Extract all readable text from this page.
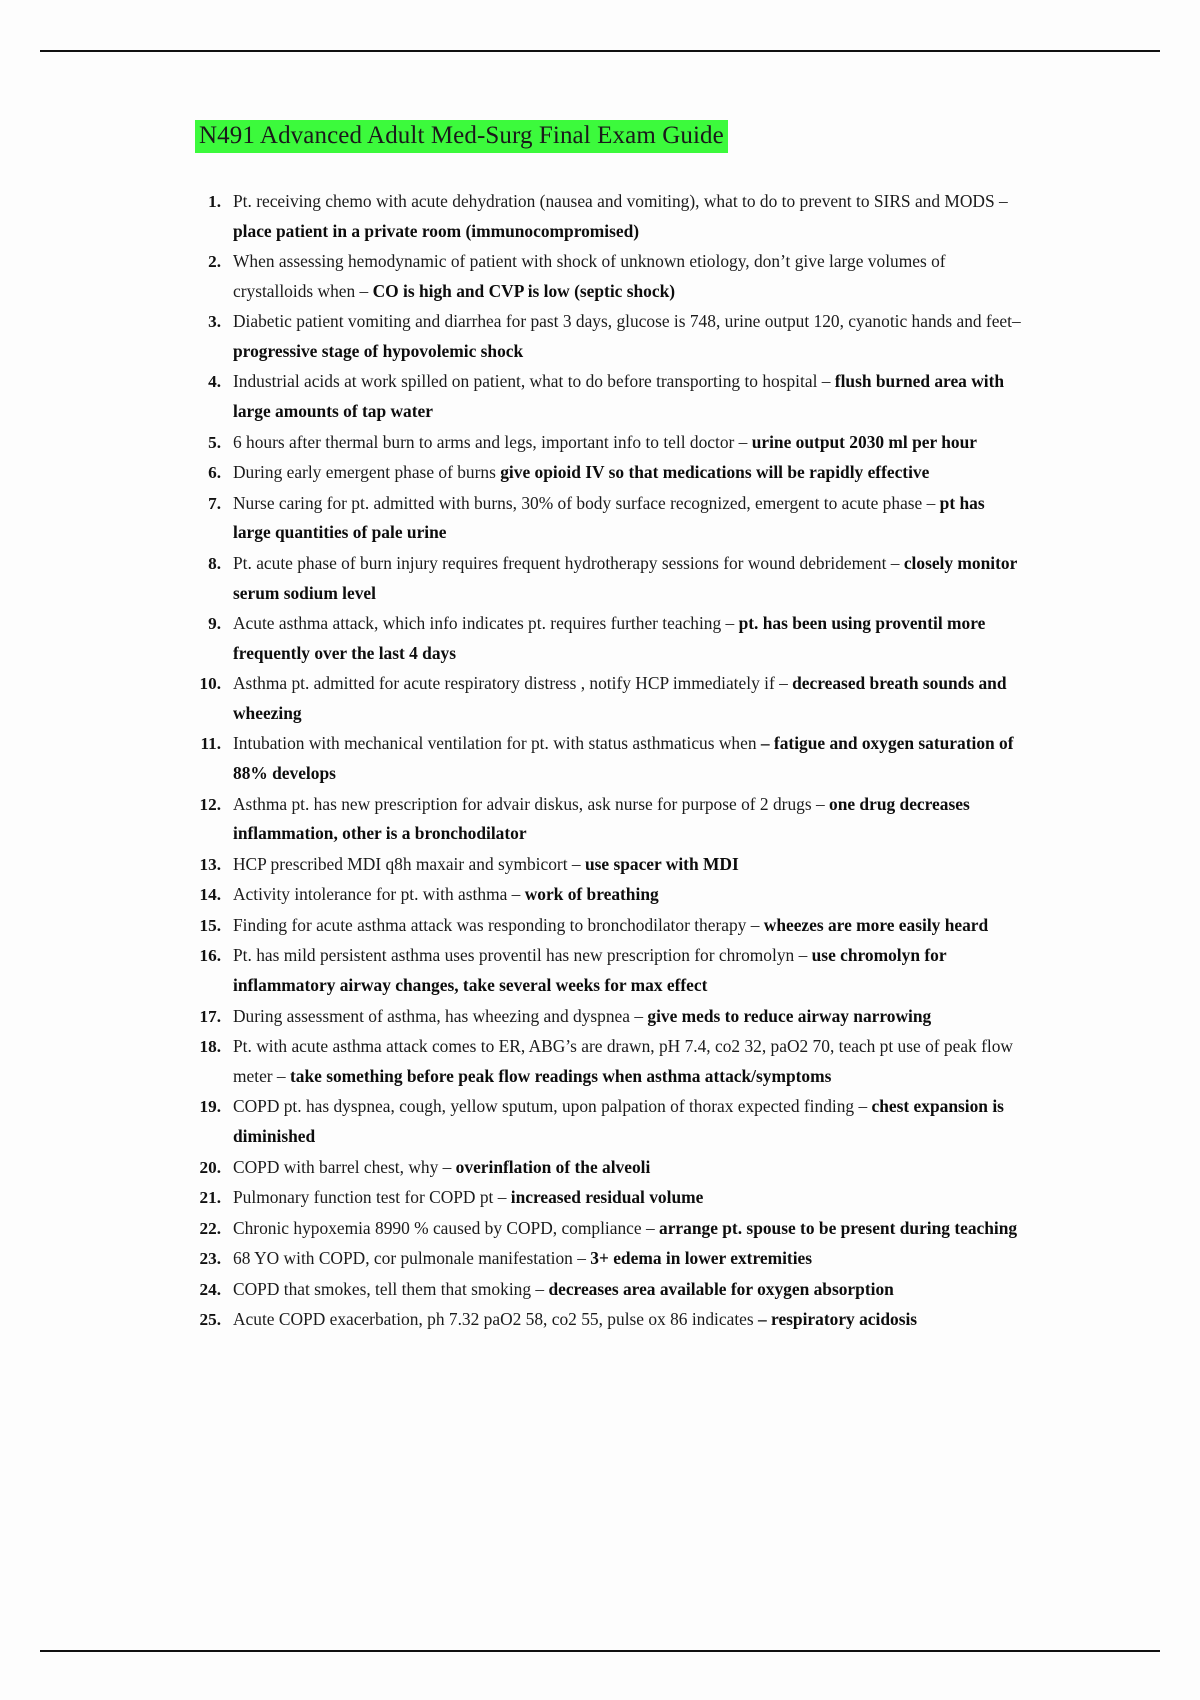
N491 Advanced Adult Med-Surg Final Exam Guide
1. Pt. receiving chemo with acute dehydration (nausea and vomiting), what to do to prevent to SIRS and MODS – place patient in a private room (immunocompromised)
2. When assessing hemodynamic of patient with shock of unknown etiology, don’t give large volumes of crystalloids when – CO is high and CVP is low (septic shock)
3. Diabetic patient vomiting and diarrhea for past 3 days, glucose is 748, urine output 120, cyanotic hands and feet– progressive stage of hypovolemic shock
4. Industrial acids at work spilled on patient, what to do before transporting to hospital – flush burned area with large amounts of tap water
5. 6 hours after thermal burn to arms and legs, important info to tell doctor – urine output 2030 ml per hour
6. During early emergent phase of burns give opioid IV so that medications will be rapidly effective
7. Nurse caring for pt. admitted with burns, 30% of body surface recognized, emergent to acute phase – pt has large quantities of pale urine
8. Pt. acute phase of burn injury requires frequent hydrotherapy sessions for wound debridement – closely monitor serum sodium level
9. Acute asthma attack, which info indicates pt. requires further teaching – pt. has been using proventil more frequently over the last 4 days
10. Asthma pt. admitted for acute respiratory distress , notify HCP immediately if – decreased breath sounds and wheezing
11. Intubation with mechanical ventilation for pt. with status asthmaticus when – fatigue and oxygen saturation of 88% develops
12. Asthma pt. has new prescription for advair diskus, ask nurse for purpose of 2 drugs – one drug decreases inflammation, other is a bronchodilator
13. HCP prescribed MDI q8h maxair and symbicort – use spacer with MDI
14. Activity intolerance for pt. with asthma – work of breathing
15. Finding for acute asthma attack was responding to bronchodilator therapy – wheezes are more easily heard
16. Pt. has mild persistent asthma uses proventil has new prescription for chromolyn – use chromolyn for inflammatory airway changes, take several weeks for max effect
17. During assessment of asthma, has wheezing and dyspnea – give meds to reduce airway narrowing
18. Pt. with acute asthma attack comes to ER, ABG’s are drawn, pH 7.4, co2 32, paO2 70, teach pt use of peak flow meter – take something before peak flow readings when asthma attack/symptoms
19. COPD pt. has dyspnea, cough, yellow sputum, upon palpation of thorax expected finding – chest expansion is diminished
20. COPD with barrel chest, why – overinflation of the alveoli
21. Pulmonary function test for COPD pt – increased residual volume
22. Chronic hypoxemia 8990 % caused by COPD, compliance – arrange pt. spouse to be present during teaching
23. 68 YO with COPD, cor pulmonale manifestation – 3+ edema in lower extremities
24. COPD that smokes, tell them that smoking – decreases area available for oxygen absorption
25. Acute COPD exacerbation, ph 7.32 paO2 58, co2 55, pulse ox 86 indicates – respiratory acidosis
